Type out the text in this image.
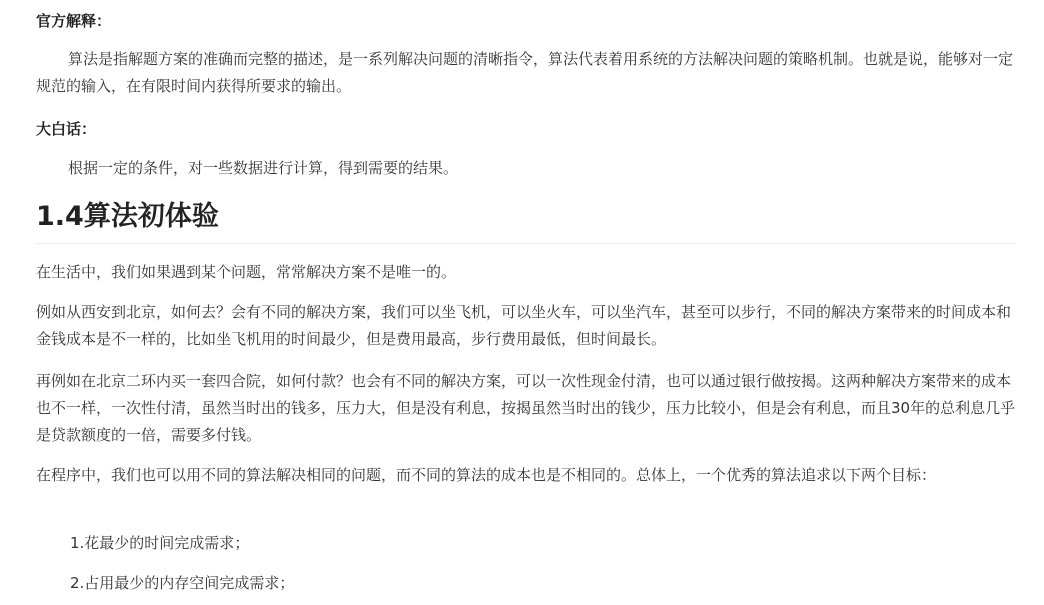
官方解释：

算法是指解题方案的准确而完整的描述，是一系列解决问题的清晰指令，算法代表着用系统的方法解决问题的策略机制。也就是说，能够对一定规范的输入，在有限时间内获得所要求的输出。

大白话：

根据一定的条件，对一些数据进行计算，得到需要的结果。

1.4算法初体验

在生活中，我们如果遇到某个问题，常常解决方案不是唯一的。

例如从西安到北京，如何去？会有不同的解决方案，我们可以坐飞机，可以坐火车，可以坐汽车，甚至可以步行，不同的解决方案带来的时间成本和金钱成本是不一样的，比如坐飞机用的时间最少，但是费用最高，步行费用最低，但时间最长。

再例如在北京二环内买一套四合院，如何付款？也会有不同的解决方案，可以一次性现金付清，也可以通过银行做按揭。这两种解决方案带来的成本也不一样，一次性付清，虽然当时出的钱多，压力大，但是没有利息，按揭虽然当时出的钱少，压力比较小，但是会有利息，而且30年的总利息几乎是贷款额度的一倍，需要多付钱。

在程序中，我们也可以用不同的算法解决相同的问题，而不同的算法的成本也是不相同的。总体上，一个优秀的算法追求以下两个目标：

1.花最少的时间完成需求；

2.占用最少的内存空间完成需求；
